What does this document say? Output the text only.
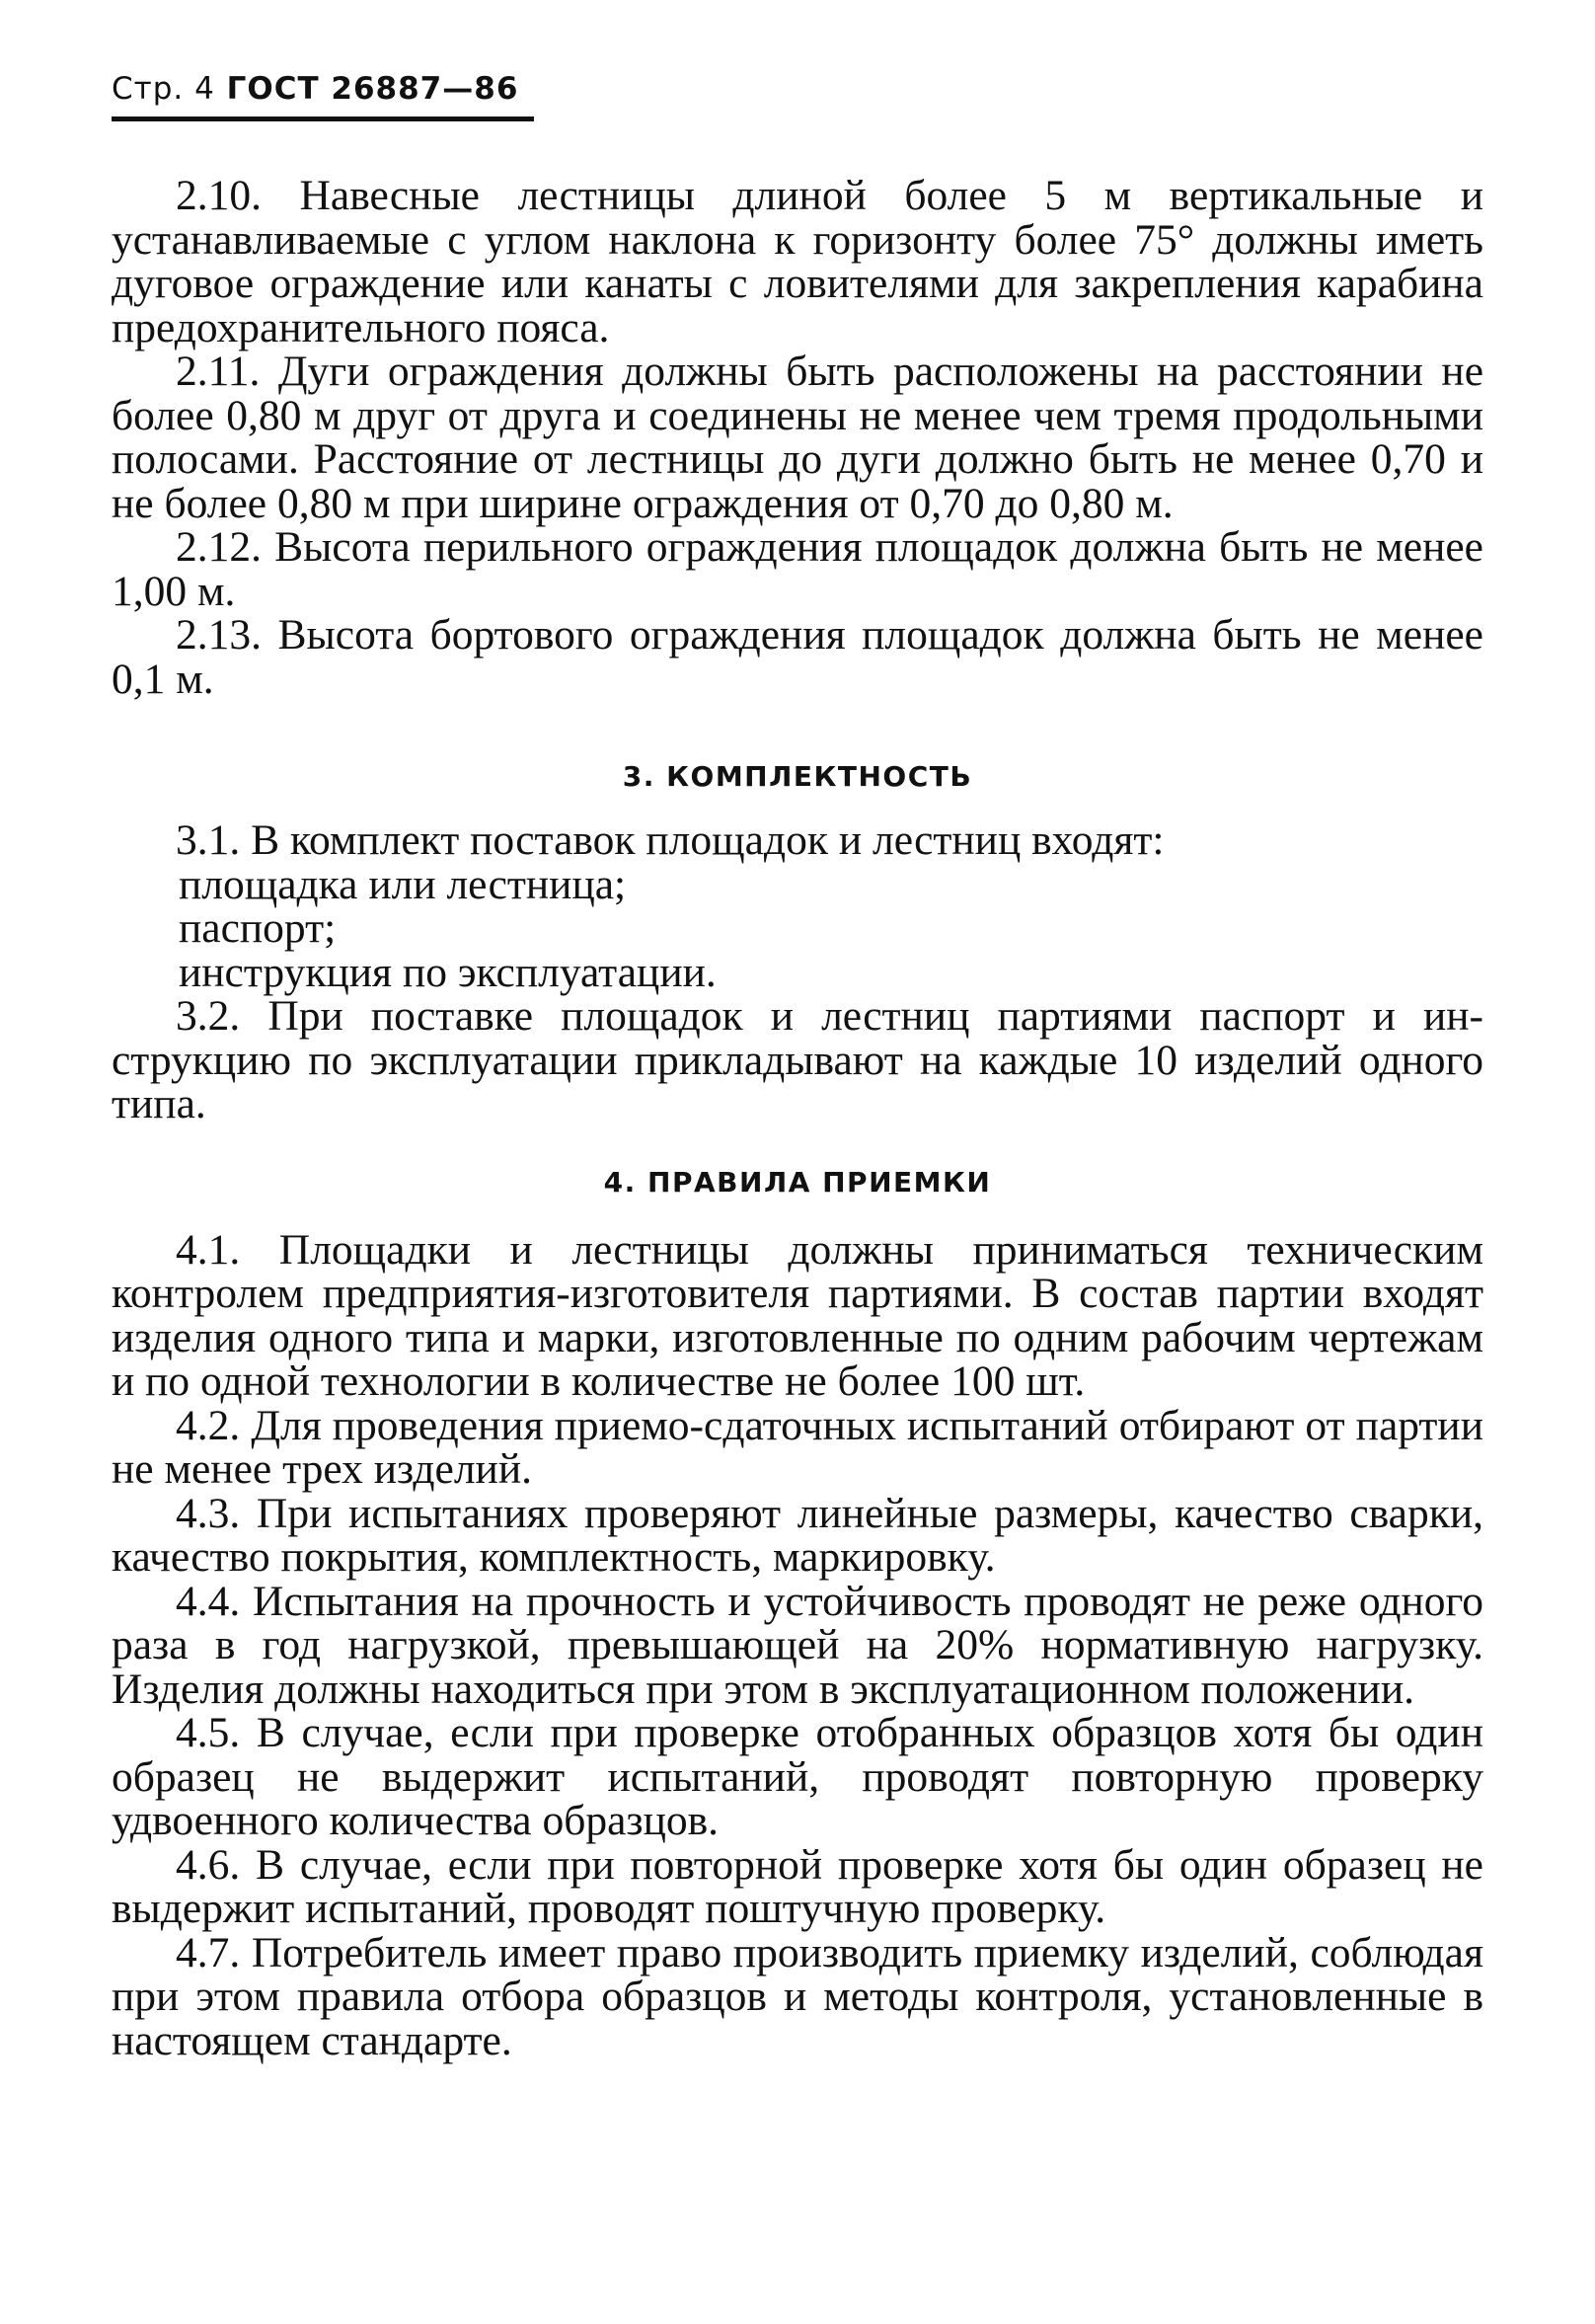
Стр. 4 ГОСТ 26887—86

2.10. Навесные лестницы длиной более 5 м вертикальные и устанавливаемые с углом наклона к горизонту более 75° должны иметь дуговое ограждение или канаты с ловителями для закрепления карабина предохранительного пояса.

2.11. Дуги ограждения должны быть расположены на расстоянии не более 0,80 м друг от друга и соединены не менее чем тремя продольными полосами. Расстояние от лестницы до дуги должно быть не менее 0,70 и не более 0,80 м при ширине ограждения от 0,70 до 0,80 м.

2.12. Высота перильного ограждения площадок должна быть не менее 1,00 м.

2.13. Высота бортового ограждения площадок должна быть не менее 0,1 м.

3. КОМПЛЕКТНОСТЬ

3.1. В комплект поставок площадок и лестниц входят:

площадка или лестница;

паспорт;

инструкция по эксплуатации.

3.2. При поставке площадок и лестниц партиями паспорт и инструкцию по эксплуатации прикладывают на каждые 10 изделий одного типа.

4. ПРАВИЛА ПРИЕМКИ

4.1. Площадки и лестницы должны приниматься техническим контролем предприятия-изготовителя партиями. В состав партии входят изделия одного типа и марки, изготовленные по одним рабочим чертежам и по одной технологии в количестве не более 100 шт.

4.2. Для проведения приемо-сдаточных испытаний отбирают от партии не менее трех изделий.

4.3. При испытаниях проверяют линейные размеры, качество сварки, качество покрытия, комплектность, маркировку.

4.4. Испытания на прочность и устойчивость проводят не реже одного раза в год нагрузкой, превышающей на 20% нормативную нагрузку. Изделия должны находиться при этом в эксплуатационном положении.

4.5. В случае, если при проверке отобранных образцов хотя бы один образец не выдержит испытаний, проводят повторную проверку удвоенного количества образцов.

4.6. В случае, если при повторной проверке хотя бы один образец не выдержит испытаний, проводят поштучную проверку.

4.7. Потребитель имеет право производить приемку изделий, соблюдая при этом правила отбора образцов и методы контроля, установленные в настоящем стандарте.
